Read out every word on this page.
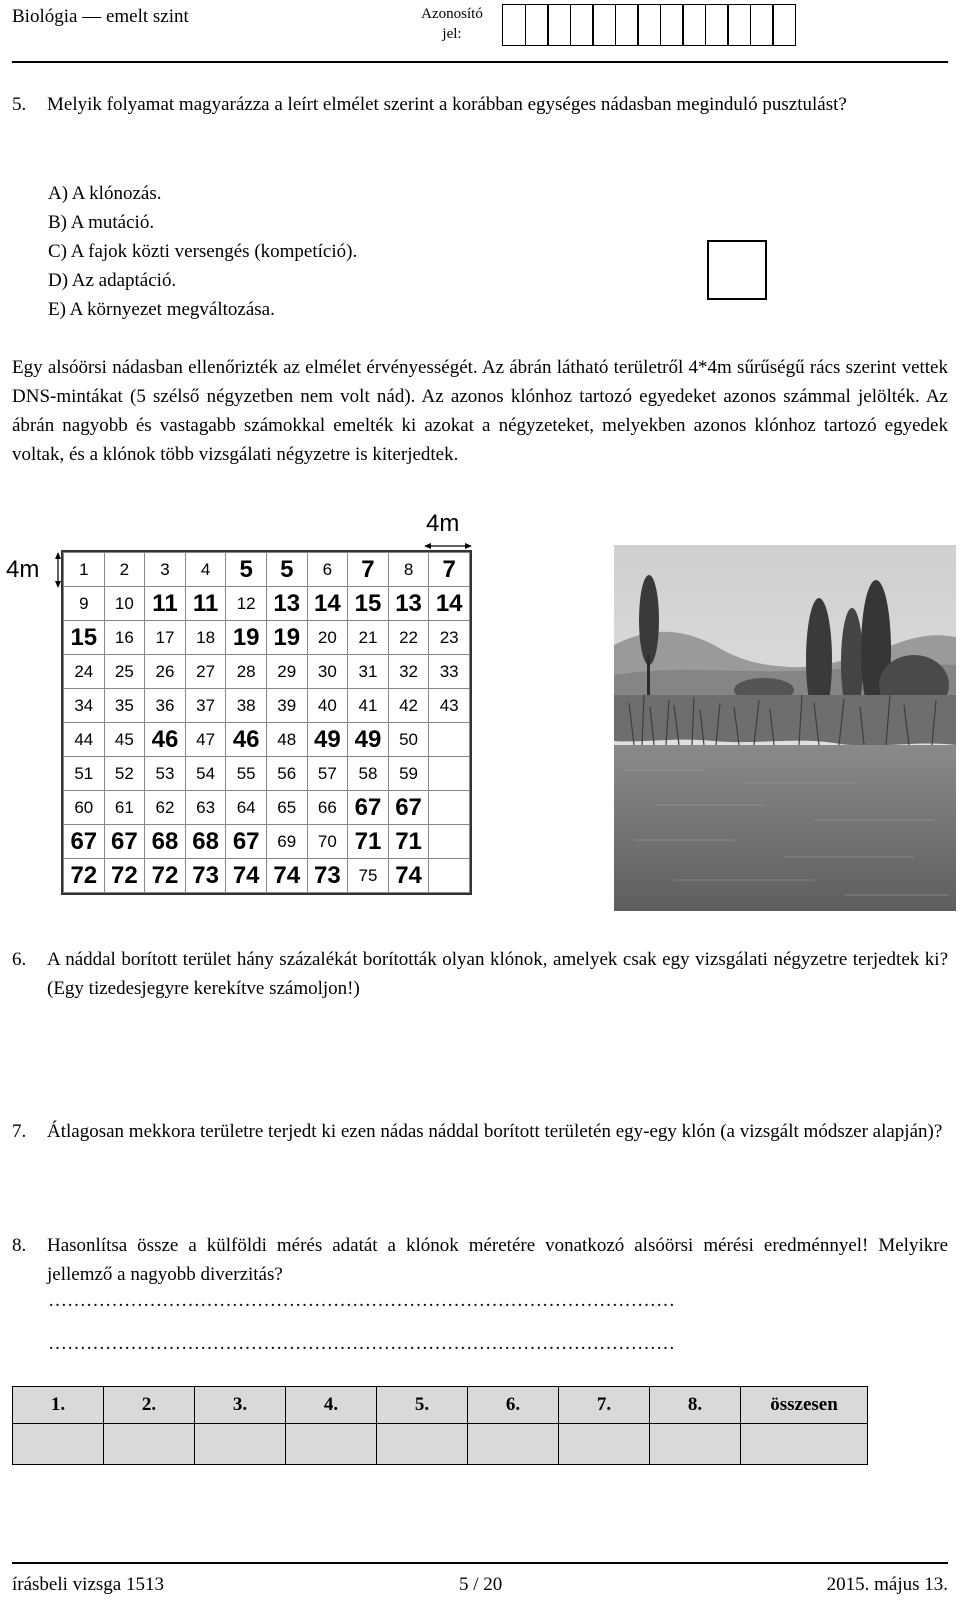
Biológia — emelt szint	Azonosító
jel:
5. Melyik folyamat magyarázza a leírt elmélet szerint a korábban egységes nádasban meginduló pusztulást?
A) A klónozás.
B) A mutáció.
C) A fajok közti versengés (kompetíció).
D) Az adaptáció.
E) A környezet megváltozása.
Egy alsóörsi nádasban ellenőrizték az elmélet érvényességét. Az ábrán látható területről 4*4m sűrűségű rács szerint vettek DNS-mintákat (5 szélső négyzetben nem volt nád). Az azonos klónhoz tartozó egyedeket azonos számmal jelölték. Az ábrán nagyobb és vastagabb számokkal emelték ki azokat a négyzeteket, melyekben azonos klónhoz tartozó egyedek voltak, és a klónok több vizsgálati négyzetre is kiterjedtek.
4m
4m 1	2	3	4	5	5	6	7	8	7
9	10	11	11	12	13	14	15	13	14
15	16	17	18	19	19	20	21	22	23
24	25	26	27	28	29	30	31	32	33
34	35	36	37	38	39	40	41	42	43
44	45	46	47	46	48	49	49	50	
51	52	53	54	55	56	57	58	59	
60	61	62	63	64	65	66	67	67	
67	67	68	68	67	69	70	71	71	
72	72	72	73	74	74	73	75	74	
6. A náddal borított terület hány százalékát borították olyan klónok, amelyek csak egy vizsgálati négyzetre terjedtek ki? (Egy tizedesjegyre kerekítve számoljon!)
7. Átlagosan mekkora területre terjedt ki ezen nádas náddal borított területén egy-egy klón (a vizsgált módszer alapján)?
8. Hasonlítsa össze a külföldi mérés adatát a klónok méretére vonatkozó alsóörsi mérési eredménnyel! Melyikre jellemző a nagyobb diverzitás?
………………………………………………………………………………………
………………………………………………………………………………………
1.	2.	3.	4.	5.	6.	7.	8.	összesen

írásbeli vizsga 1513	5 / 20	2015. május 13.
